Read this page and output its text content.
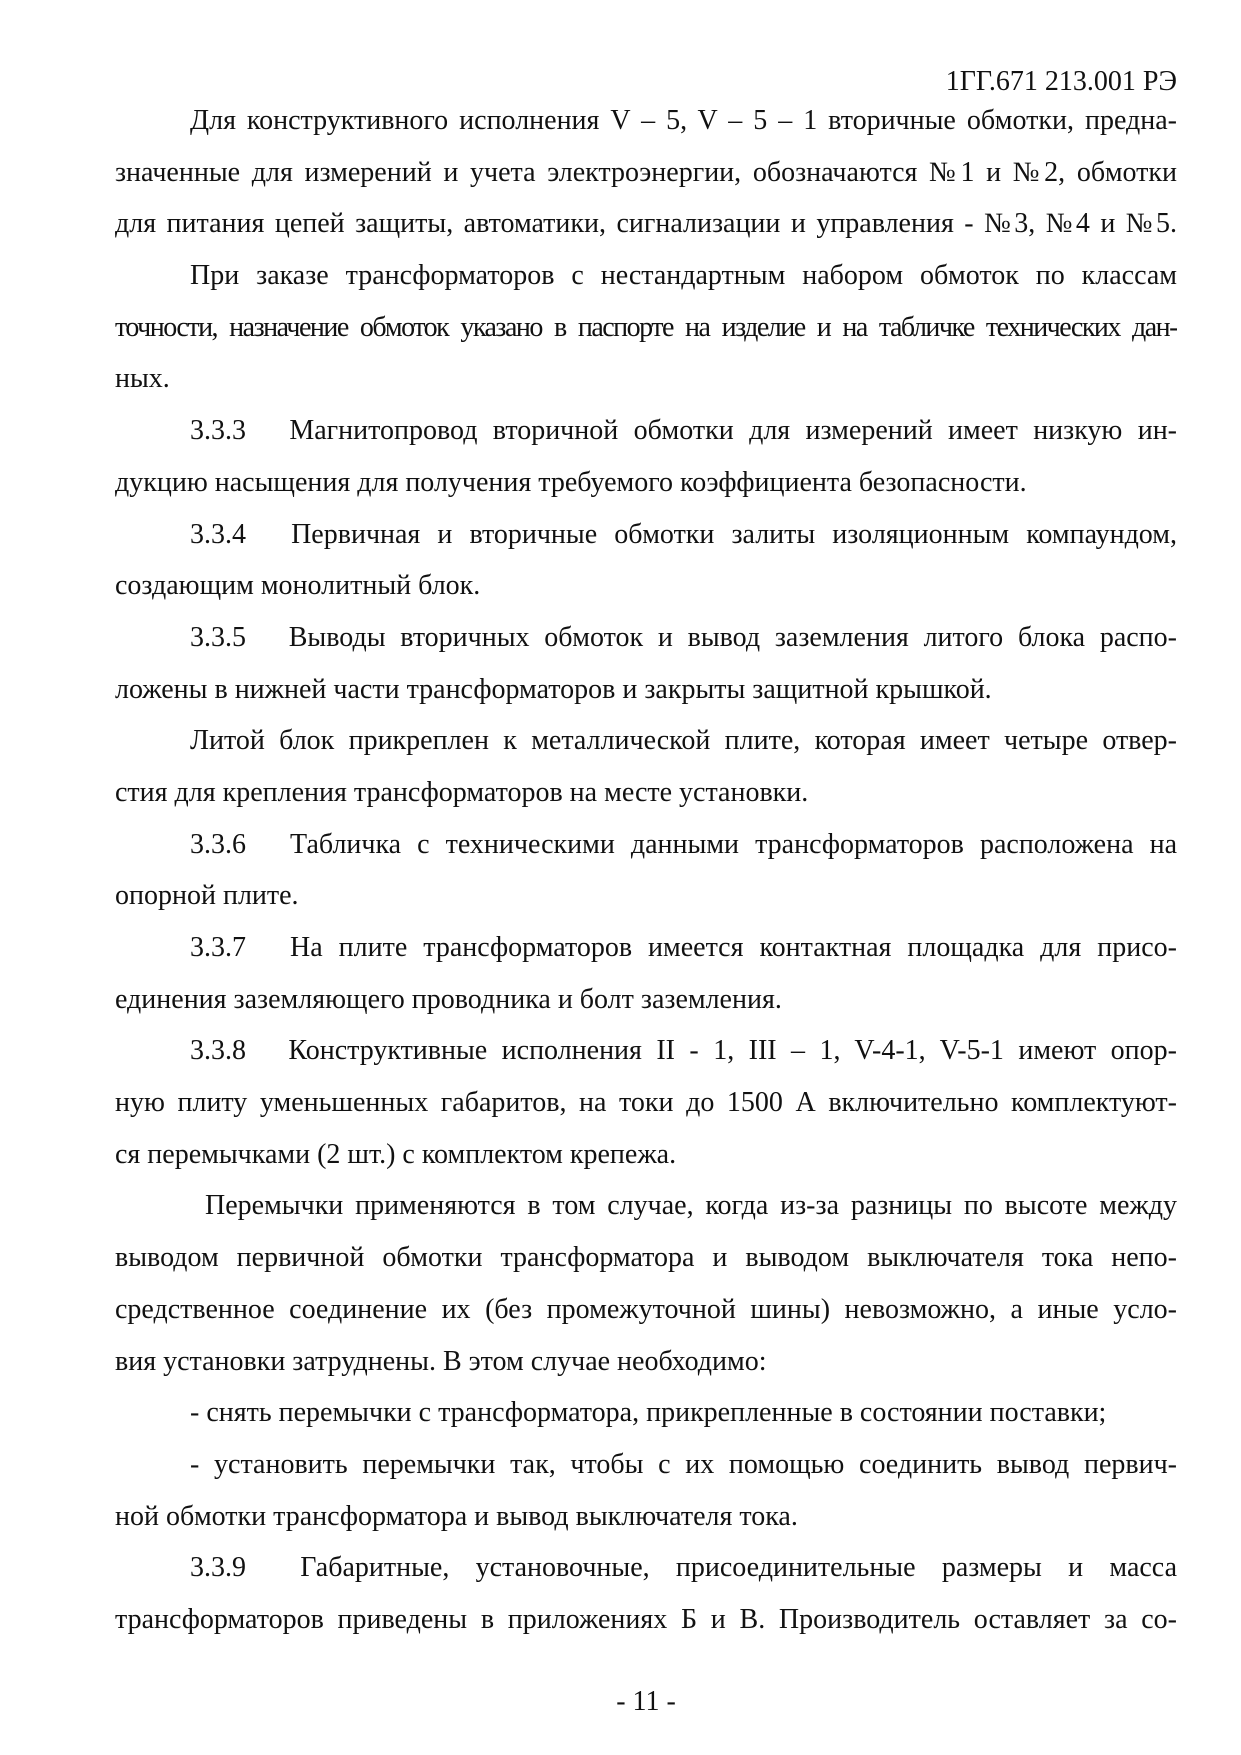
1ГГ.671 213.001 РЭ
Для конструктивного исполнения V – 5, V – 5 – 1 вторичные обмотки, предна-
значенные для измерений и учета электроэнергии, обозначаются №1 и №2, обмотки
для питания цепей защиты, автоматики, сигнализации и управления - №3, №4 и №5.
При заказе трансформаторов с нестандартным набором обмоток по классам
точности, назначение обмоток указано в паспорте на изделие и на табличке технических дан-
ных.
3.3.3  Магнитопровод вторичной обмотки для измерений имеет низкую ин-
дукцию насыщения для получения требуемого коэффициента безопасности.
3.3.4  Первичная и вторичные обмотки залиты изоляционным компаундом,
создающим монолитный блок.
3.3.5  Выводы вторичных обмоток и вывод заземления литого блока распо-
ложены в нижней части трансформаторов и закрыты защитной крышкой.
Литой блок прикреплен к металлической плите, которая имеет четыре отвер-
стия для крепления трансформаторов на месте установки.
3.3.6  Табличка с техническими данными трансформаторов расположена на
опорной плите.
3.3.7  На плите трансформаторов имеется контактная площадка для присо-
единения заземляющего проводника и болт заземления.
3.3.8  Конструктивные исполнения II - 1, III – 1, V-4-1, V-5-1 имеют опор-
ную плиту уменьшенных габаритов, на токи до 1500 А включительно комплектуют-
ся перемычками (2 шт.) с комплектом крепежа.
Перемычки применяются в том случае, когда из-за разницы по высоте между
выводом первичной обмотки трансформатора и выводом выключателя тока непо-
средственное соединение их (без промежуточной шины) невозможно, а иные усло-
вия установки затруднены. В этом случае необходимо:
- снять перемычки с трансформатора, прикрепленные в состоянии поставки;
- установить перемычки так, чтобы с их помощью соединить вывод первич-
ной обмотки трансформатора и вывод выключателя тока.
3.3.9  Габаритные, установочные, присоединительные размеры и масса
трансформаторов приведены в приложениях Б и В. Производитель оставляет за со-
- 11 -
